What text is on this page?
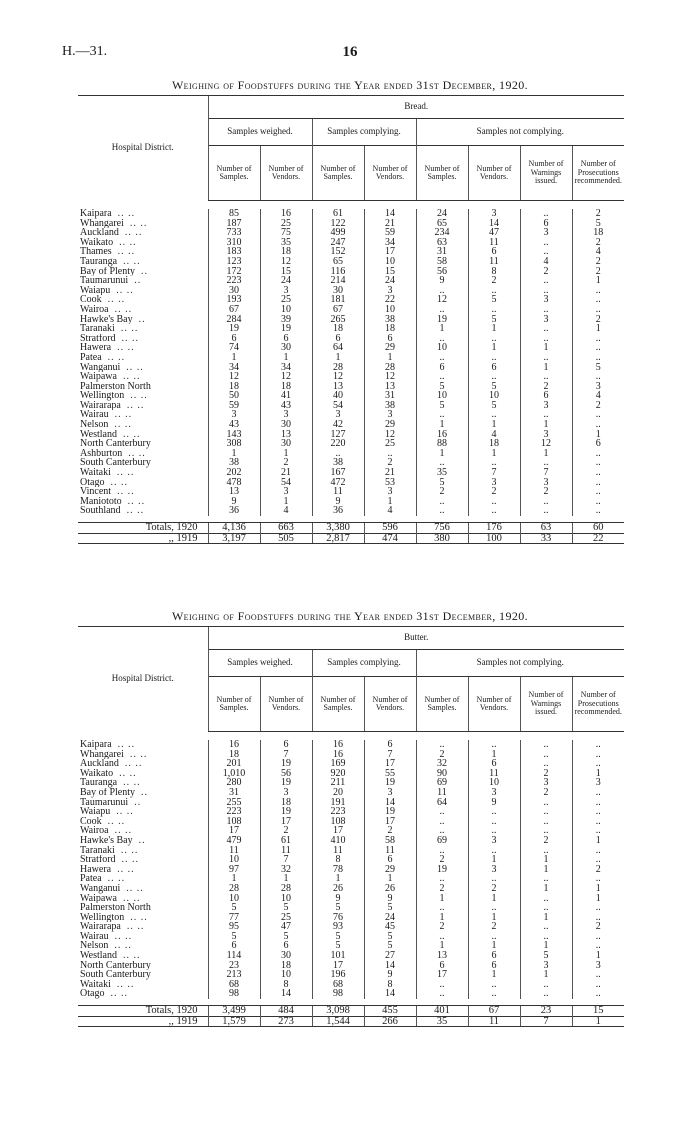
H.—31.	16
Weighing of Foodstuffs during the Year ended 31st December, 1920.
Hospital District.	Bread.							
	Samples weighed.		Samples complying.		Samples not complying.			
	Number of Samples.	Number of Vendors.	Number of Samples.	Number of Vendors.	Number of Samples.	Number of Vendors.	Number of Warnings issued.	Number of Prosecutions recommended.

Kaipara .. ..	85	16	61	14	24	3	..	2
Whangarei .. ..	187	25	122	21	65	14	6	5
Auckland .. ..	733	75	499	59	234	47	3	18
Waikato .. ..	310	35	247	34	63	11	..	2
Thames .. ..	183	18	152	17	31	6	..	4
Tauranga .. ..	123	12	65	10	58	11	4	2
Bay of Plenty ..	172	15	116	15	56	8	2	2
Taumarunui ..	223	24	214	24	9	2	..	1
Waiapu .. ..	30	3	30	3	..	..	..	..
Cook .. ..	193	25	181	22	12	5	3	..
Wairoa .. ..	67	10	67	10	..	..	..	..
Hawke's Bay ..	284	39	265	38	19	5	3	2
Taranaki .. ..	19	19	18	18	1	1	..	1
Stratford .. ..	6	6	6	6	..	..	..	..
Hawera .. ..	74	30	64	29	10	1	1	..
Patea .. ..	1	1	1	1	..	..	..	..
Wanganui .. ..	34	34	28	28	6	6	1	5
Waipawa .. ..	12	12	12	12	..	..	..	..
Palmerston North	18	18	13	13	5	5	2	3
Wellington .. ..	50	41	40	31	10	10	6	4
Wairarapa .. ..	59	43	54	38	5	5	3	2
Wairau .. ..	3	3	3	3	..	..	..	..
Nelson .. ..	43	30	42	29	1	1	1	..
Westland .. ..	143	13	127	12	16	4	3	1
North Canterbury	308	30	220	25	88	18	12	6
Ashburton .. ..	1	1	..	..	1	1	1	..
South Canterbury	38	2	38	2	..	..	..	..
Waitaki .. ..	202	21	167	21	35	7	7	..
Otago .. ..	478	54	472	53	5	3	3	..
Vincent .. ..	13	3	11	3	2	2	2	..
Maniototo .. ..	9	1	9	1	..	..	..	..
Southland .. ..	36	4	36	4	..	..	..	..

Totals, 1920	4,136	663	3,380	596	756	176	63	60
,, 1919	3,197	505	2,817	474	380	100	33	22
Weighing of Foodstuffs during the Year ended 31st December, 1920.
Hospital District.	Butter.							
	Samples weighed.		Samples complying.		Samples not complying.			
	Number of Samples.	Number of Vendors.	Number of Samples.	Number of Vendors.	Number of Samples.	Number of Vendors.	Number of Warnings issued.	Number of Prosecutions recommended.

Kaipara .. ..	16	6	16	6	..	..	..	..
Whangarei .. ..	18	7	16	7	2	1	..	..
Auckland .. ..	201	19	169	17	32	6	..	..
Waikato .. ..	1,010	56	920	55	90	11	2	1
Tauranga .. ..	280	19	211	19	69	10	3	3
Bay of Plenty ..	31	3	20	3	11	3	2	..
Taumarunui ..	255	18	191	14	64	9	..	..
Waiapu .. ..	223	19	223	19	..	..	..	..
Cook .. ..	108	17	108	17	..	..	..	..
Wairoa .. ..	17	2	17	2	..	..	..	..
Hawke's Bay ..	479	61	410	58	69	3	2	1
Taranaki .. ..	11	11	11	11	..	..	..	..
Stratford .. ..	10	7	8	6	2	1	1	..
Hawera .. ..	97	32	78	29	19	3	1	2
Patea .. ..	1	1	1	1	..	..	..	..
Wanganui .. ..	28	28	26	26	2	2	1	1
Waipawa .. ..	10	10	9	9	1	1	..	1
Palmerston North	5	5	5	5	..	..	..	..
Wellington .. ..	77	25	76	24	1	1	1	..
Wairarapa .. ..	95	47	93	45	2	2	..	2
Wairau .. ..	5	5	5	5	..	..	..	..
Nelson .. ..	6	6	5	5	1	1	1	..
Westland .. ..	114	30	101	27	13	6	5	1
North Canterbury	23	18	17	14	6	6	3	3
South Canterbury	213	10	196	9	17	1	1	..
Waitaki .. ..	68	8	68	8	..	..	..	..
Otago .. ..	98	14	98	14	..	..	..	..

Totals, 1920	3,499	484	3,098	455	401	67	23	15
,, 1919	1,579	273	1,544	266	35	11	7	1
